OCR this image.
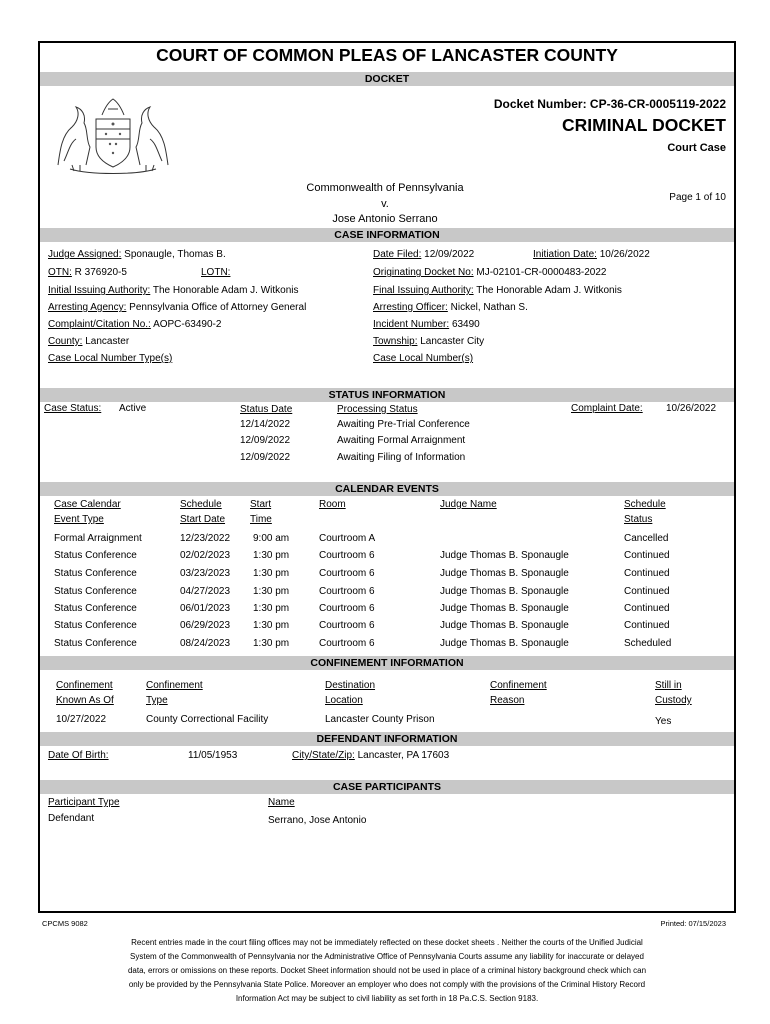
COURT OF COMMON PLEAS OF LANCASTER COUNTY
DOCKET
Docket Number: CP-36-CR-0005119-2022
CRIMINAL DOCKET
Court Case
Commonwealth of Pennsylvania
v.
Jose Antonio Serrano
Page 1 of 10
CASE INFORMATION
Judge Assigned: Sponaugle, Thomas B.	Date Filed: 12/09/2022	Initiation Date: 10/26/2022
OTN: R 376920-5	LOTN:	Originating Docket No: MJ-02101-CR-0000483-2022
Initial Issuing Authority: The Honorable Adam J. Witkonis	Final Issuing Authority: The Honorable Adam J. Witkonis
Arresting Agency: Pennsylvania Office of Attorney General	Arresting Officer: Nickel, Nathan S.
Complaint/Citation No.: AOPC-63490-2	Incident Number: 63490
County: Lancaster	Township: Lancaster City
Case Local Number Type(s)	Case Local Number(s)
STATUS INFORMATION
Case Status: Active	Status Date	Processing Status	Complaint Date: 10/26/2022
12/14/2022	Awaiting Pre-Trial Conference
12/09/2022	Awaiting Formal Arraignment
12/09/2022	Awaiting Filing of Information
CALENDAR EVENTS
Case Calendar
Event Type
Schedule
Start Date
Start
Time
Room	Judge Name	Schedule
Status
Formal Arraignment	12/23/2022 9:00 am	Courtroom A	Cancelled
Status Conference	02/02/2023 1:30 pm	Courtroom 6	Judge Thomas B. Sponaugle	Continued
Status Conference	03/23/2023 1:30 pm	Courtroom 6	Judge Thomas B. Sponaugle	Continued
Status Conference	04/27/2023 1:30 pm	Courtroom 6	Judge Thomas B. Sponaugle	Continued
Status Conference	06/01/2023 1:30 pm	Courtroom 6	Judge Thomas B. Sponaugle	Continued
Status Conference	06/29/2023 1:30 pm	Courtroom 6	Judge Thomas B. Sponaugle	Continued
Status Conference	08/24/2023 1:30 pm	Courtroom 6	Judge Thomas B. Sponaugle	Scheduled
CONFINEMENT INFORMATION
Confinement
Known As Of
Confinement
Type
Destination
Location
Confinement
Reason
Still in
Custody
10/27/2022	County Correctional Facility	Lancaster County Prison	Yes
DEFENDANT INFORMATION
Date Of Birth:	11/05/1953	City/State/Zip: Lancaster, PA 17603
CASE PARTICIPANTS
Participant Type	Name
Defendant	Serrano, Jose Antonio
CPCMS 9082	Printed: 07/15/2023
Recent entries made in the court filing offices may not be immediately reflected on these docket sheets . Neither the courts of the Unified Judicial
System of the Commonwealth of Pennsylvania nor the Administrative Office of Pennsylvania Courts assume any liability for inaccurate or delayed
data, errors or omissions on these reports. Docket Sheet information should not be used in place of a criminal history background check which can
only be provided by the Pennsylvania State Police. Moreover an employer who does not comply with the provisions of the Criminal History Record
Information Act may be subject to civil liability as set forth in 18 Pa.C.S. Section 9183.
